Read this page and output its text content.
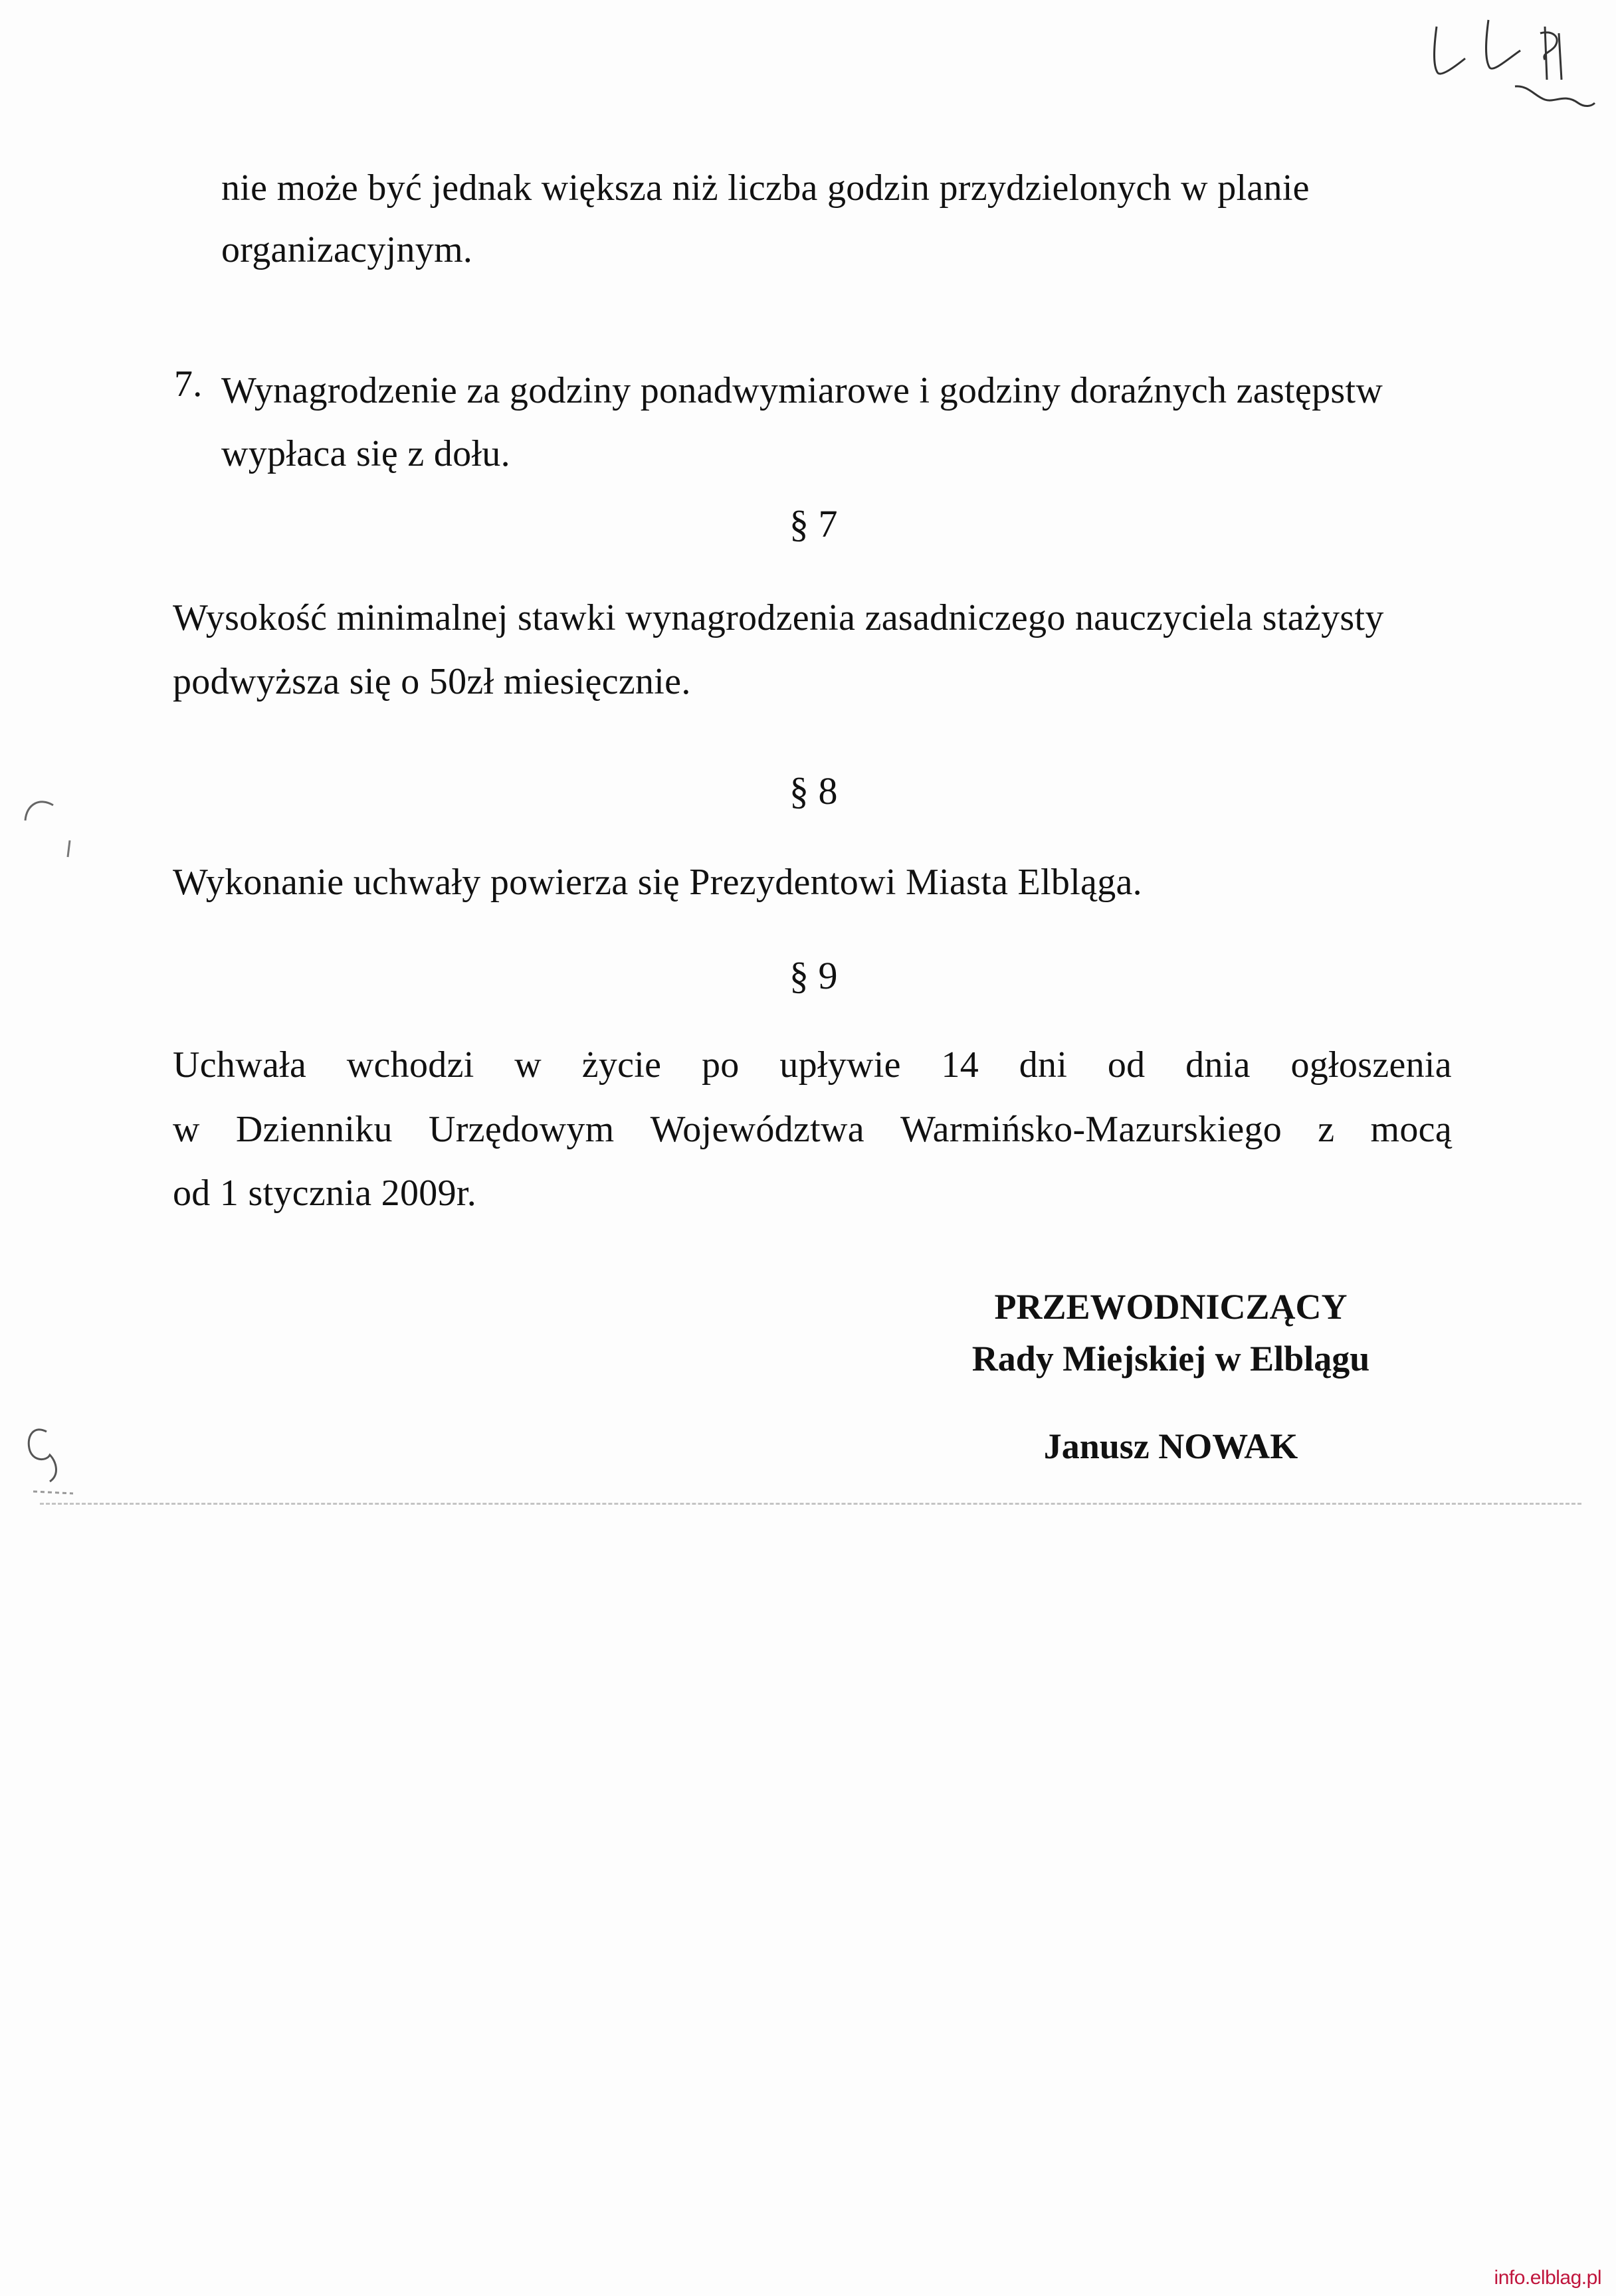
nie może być jednak większa niż liczba godzin przydzielonych w planie
organizacyjnym.
7. Wynagrodzenie za godziny ponadwymiarowe i godziny doraźnych zastępstw
wypłaca się z dołu.
§ 7
Wysokość minimalnej stawki wynagrodzenia zasadniczego nauczyciela stażysty
podwyższa się o 50zł miesięcznie.
§ 8
Wykonanie uchwały powierza się Prezydentowi Miasta Elbląga.
§ 9
Uchwała wchodzi w życie po upływie 14 dni od dnia ogłoszenia
w Dzienniku Urzędowym Województwa Warmińsko-Mazurskiego z mocą
od 1 stycznia 2009r.
PRZEWODNICZĄCY
Rady Miejskiej w Elblągu
Janusz NOWAK
info.elblag.pl
